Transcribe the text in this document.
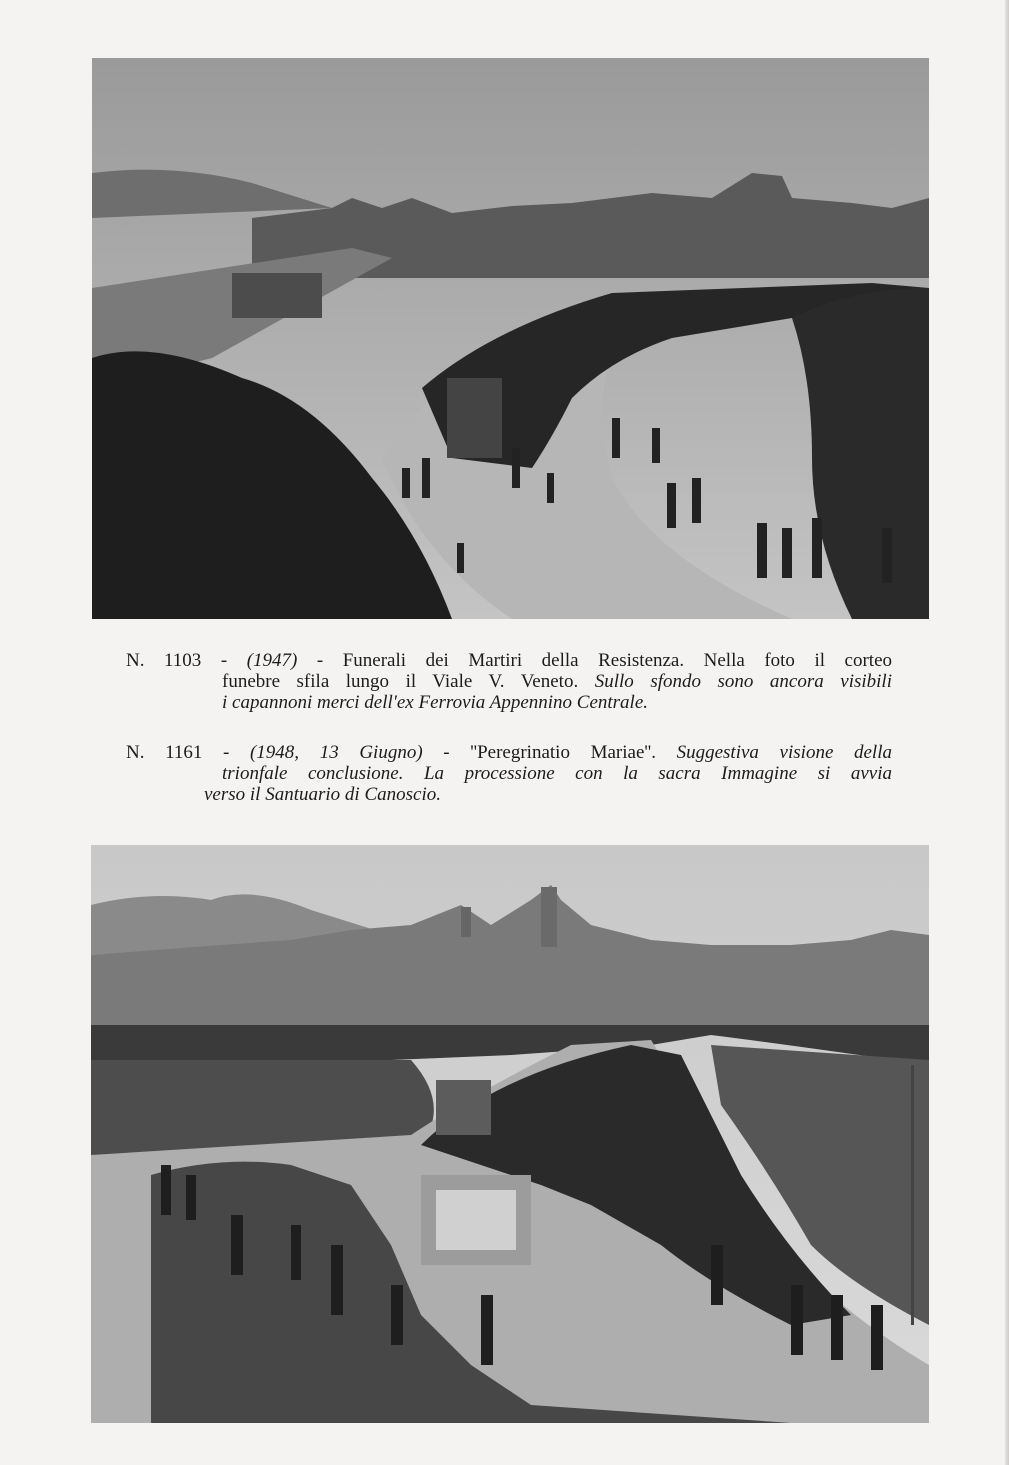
N. 1103 - (1947) - Funerali dei Martiri della Resistenza. Nella foto il corteo
funebre sfila lungo il Viale V. Veneto. Sullo sfondo sono ancora visibili
i capannoni merci dell'ex Ferrovia Appennino Centrale.
N. 1161 - (1948, 13 Giugno) - ''Peregrinatio Mariae''. Suggestiva visione della
trionfale conclusione. La processione con la sacra Immagine si avvia
verso il Santuario di Canoscio.
